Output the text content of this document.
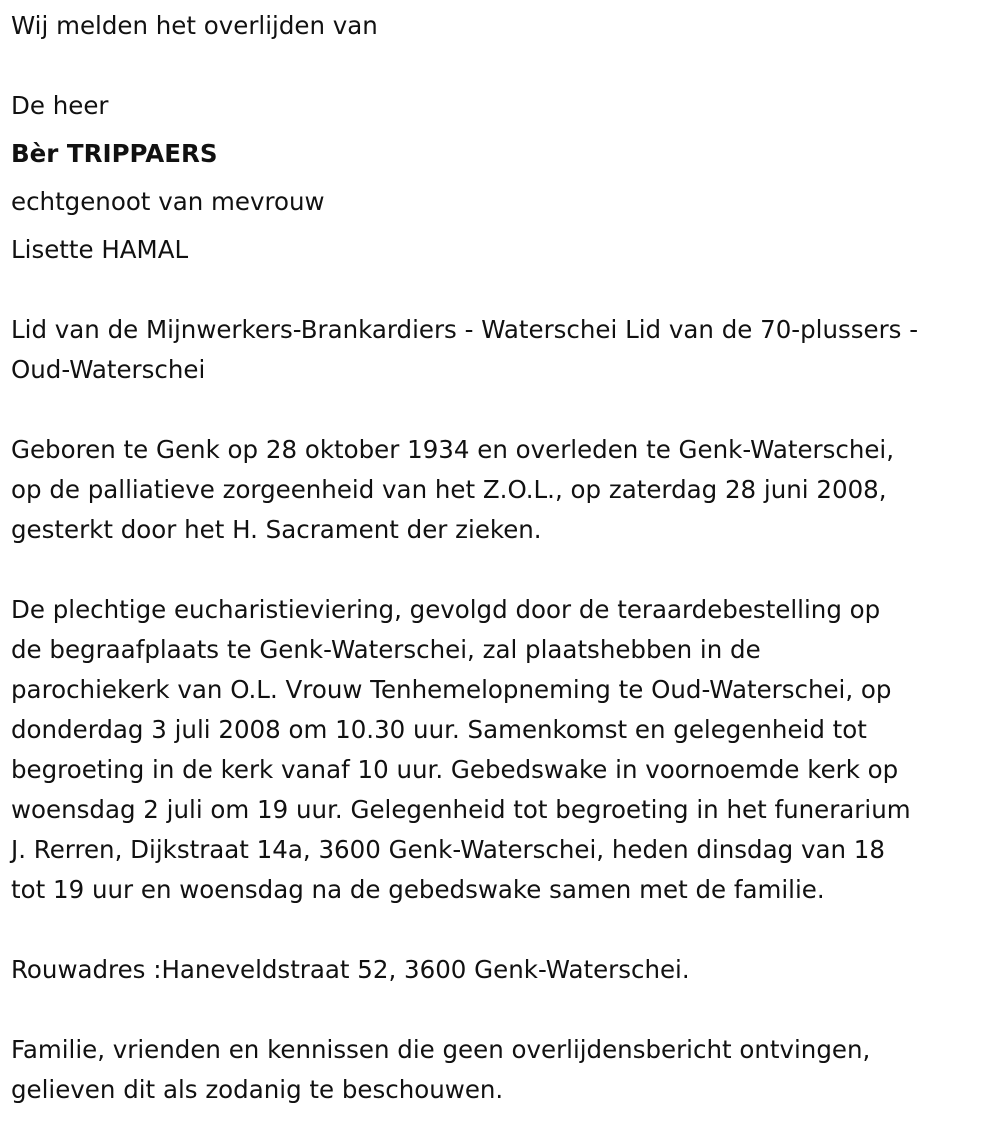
Wij melden het overlijden van
De heer
Bèr TRIPPAERS
echtgenoot van mevrouw
Lisette HAMAL
Lid van de Mijnwerkers-Brankardiers - Waterschei Lid van de 70-plussers -
Oud-Waterschei
Geboren te Genk op 28 oktober 1934 en overleden te Genk-Waterschei,
op de palliatieve zorgeenheid van het Z.O.L., op zaterdag 28 juni 2008,
gesterkt door het H. Sacrament der zieken.
De plechtige eucharistieviering, gevolgd door de teraardebestelling op
de begraafplaats te Genk-Waterschei, zal plaatshebben in de
parochiekerk van O.L. Vrouw Tenhemelopneming te Oud-Waterschei, op
donderdag 3 juli 2008 om 10.30 uur. Samenkomst en gelegenheid tot
begroeting in de kerk vanaf 10 uur. Gebedswake in voornoemde kerk op
woensdag 2 juli om 19 uur. Gelegenheid tot begroeting in het funerarium
J. Rerren, Dijkstraat 14a, 3600 Genk-Waterschei, heden dinsdag van 18
tot 19 uur en woensdag na de gebedswake samen met de familie.
Rouwadres :Haneveldstraat 52, 3600 Genk-Waterschei.
Familie, vrienden en kennissen die geen overlijdensbericht ontvingen,
gelieven dit als zodanig te beschouwen.
